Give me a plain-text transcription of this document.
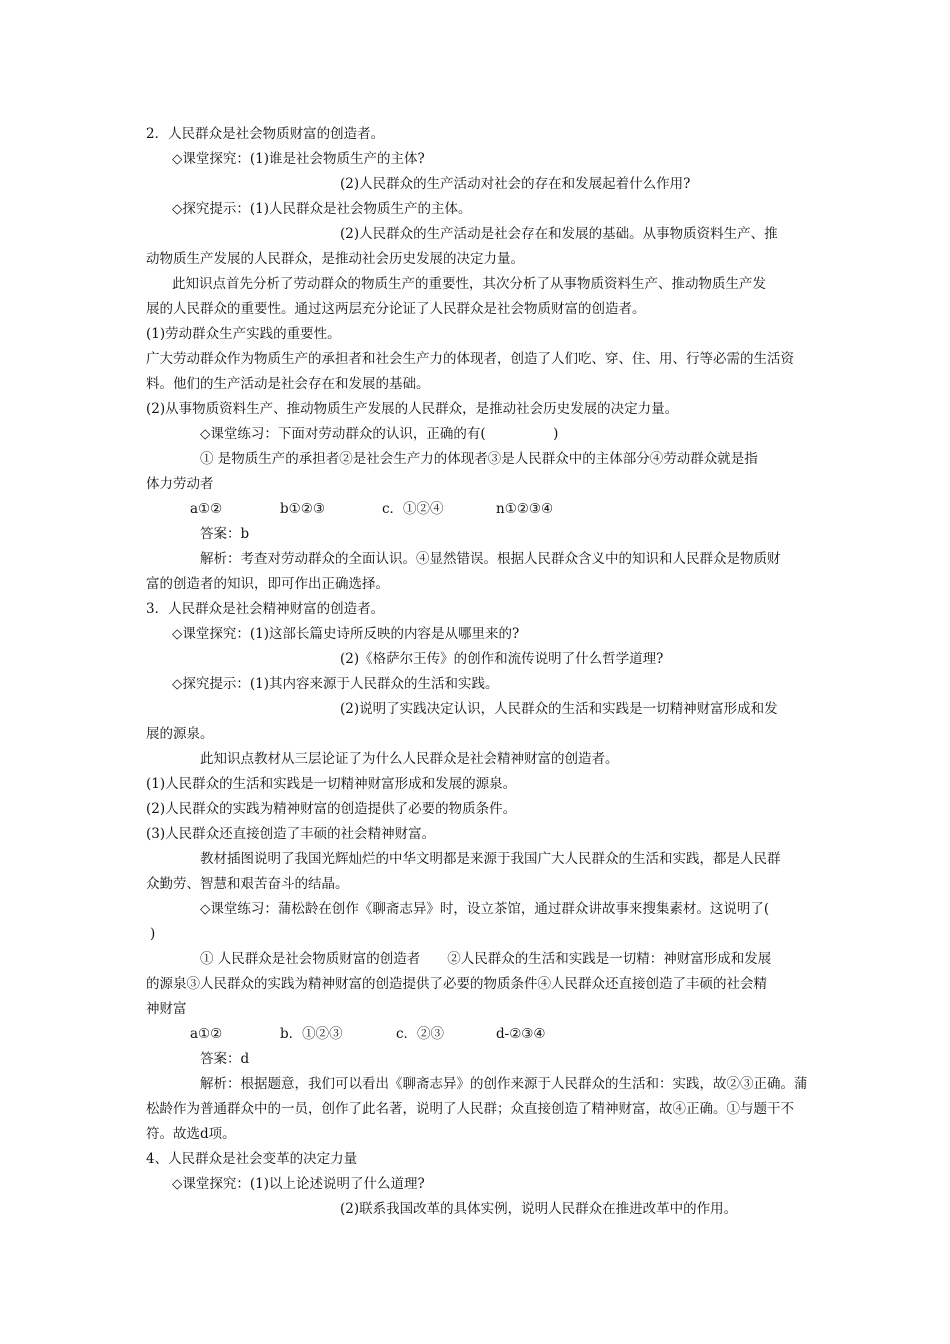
2．人民群众是社会物质财富的创造者。
◇课堂探究：(1)谁是社会物质生产的主体?
(2)人民群众的生产活动对社会的存在和发展起着什么作用?
◇探究提示：(1)人民群众是社会物质生产的主体。
(2)人民群众的生产活动是社会存在和发展的基础。从事物质资料生产、推
动物质生产发展的人民群众，是推动社会历史发展的决定力量。
此知识点首先分析了劳动群众的物质生产的重要性，其次分析了从事物质资料生产、推动物质生产发
展的人民群众的重要性。通过这两层充分论证了人民群众是社会物质财富的创造者。
(1)劳动群众生产实践的重要性。
广大劳动群众作为物质生产的承担者和社会生产力的体现者，创造了人们吃、穿、住、用、行等必需的生活资
料。他们的生产活动是社会存在和发展的基础。
(2)从事物质资料生产、推动物质生产发展的人民群众，是推动社会历史发展的决定力量。
◇课堂练习：下面对劳动群众的认识，正确的有(　　　　　)
① 是物质生产的承担者②是社会生产力的体现者③是人民群众中的主体部分④劳动群众就是指
体力劳动者
a①②	b①②③	c．①②④	n①②③④
答案：b
解析：考查对劳动群众的全面认识。④显然错误。根据人民群众含义中的知识和人民群众是物质财
富的创造者的知识，即可作出正确选择。
3．人民群众是社会精神财富的创造者。
◇课堂探究：(1)这部长篇史诗所反映的内容是从哪里来的?
(2)《格萨尔王传》的创作和流传说明了什么哲学道理?
◇探究提示：(1)其内容来源于人民群众的生活和实践。
(2)说明了实践决定认识，人民群众的生活和实践是一切精神财富形成和发
展的源泉。
此知识点教材从三层论证了为什么人民群众是社会精神财富的创造者。
(1)人民群众的生活和实践是一切精神财富形成和发展的源泉。
(2)人民群众的实践为精神财富的创造提供了必要的物质条件。
(3)人民群众还直接创造了丰硕的社会精神财富。
教材插图说明了我国光辉灿烂的中华文明都是来源于我国广大人民群众的生活和实践，都是人民群
众勤劳、智慧和艰苦奋斗的结晶。
◇课堂练习：蒲松龄在创作《聊斋志异》时，设立茶馆，通过群众讲故事来搜集素材。这说明了(
)
① 人民群众是社会物质财富的创造者　　②人民群众的生活和实践是一切精：神财富形成和发展
的源泉③人民群众的实践为精神财富的创造提供了必要的物质条件④人民群众还直接创造了丰硕的社会精
神财富
a①②	b．①②③	c．②③	d-②③④
答案：d
解析：根据题意，我们可以看出《聊斋志异》的创作来源于人民群众的生活和：实践，故②③正确。蒲
松龄作为普通群众中的一员，创作了此名著，说明了人民群；众直接创造了精神财富，故④正确。①与题干不
符。故选d项。
4、人民群众是社会变革的决定力量
◇课堂探究：(1)以上论述说明了什么道理?
(2)联系我国改革的具体实例，说明人民群众在推进改革中的作用。
